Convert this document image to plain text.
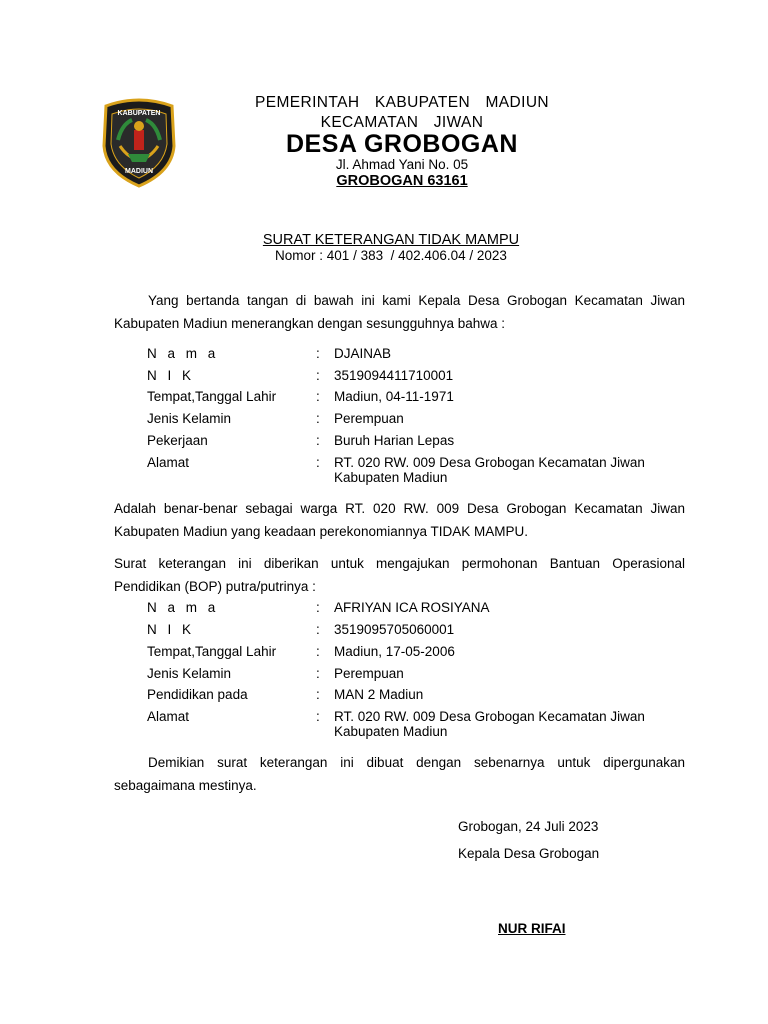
KABUPATEN
MADIUN
PEMERINTAH  KABUPATEN  MADIUN
KECAMATAN  JIWAN
DESA GROBOGAN
Jl. Ahmad Yani No. 05
GROBOGAN 63161
SURAT KETERANGAN TIDAK MAMPU
Nomor : 401 / 383  / 402.406.04 / 2023
Yang bertanda tangan di bawah ini kami Kepala Desa Grobogan Kecamatan Jiwan Kabupaten Madiun menerangkan dengan sesungguhnya bahwa :
N a m a	: DJAINAB
N I K	: 3519094411710001
Tempat,Tanggal Lahir	: Madiun, 04-11-1971
Jenis Kelamin	: Perempuan
Pekerjaan	: Buruh Harian Lepas
Alamat	: RT. 020 RW. 009 Desa Grobogan Kecamatan Jiwan Kabupaten Madiun
Adalah benar-benar sebagai warga RT. 020 RW. 009 Desa Grobogan Kecamatan Jiwan Kabupaten Madiun yang keadaan perekonomiannya TIDAK MAMPU.
Surat keterangan ini diberikan untuk mengajukan permohonan Bantuan Operasional Pendidikan (BOP) putra/putrinya :
N a m a	: AFRIYAN ICA ROSIYANA
N I K	: 3519095705060001
Tempat,Tanggal Lahir	: Madiun, 17-05-2006
Jenis Kelamin	: Perempuan
Pendidikan pada	: MAN 2 Madiun
Alamat	: RT. 020 RW. 009 Desa Grobogan Kecamatan Jiwan Kabupaten Madiun
Demikian surat keterangan ini dibuat dengan sebenarnya untuk dipergunakan sebagaimana mestinya.
Grobogan, 24 Juli 2023
Kepala Desa Grobogan
NUR RIFAI
